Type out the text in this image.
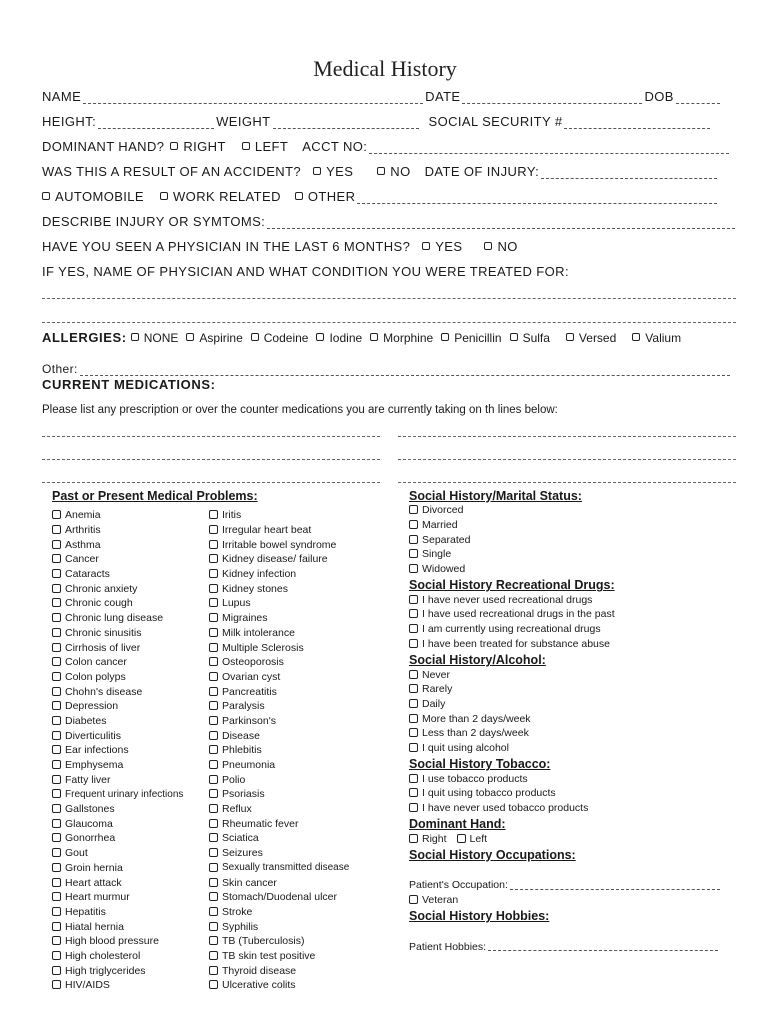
Medical History
NAME	DATE	DOB
HEIGHT:	WEIGHT	SOCIAL SECURITY #
DOMINANT HAND? RIGHT LEFT ACCT NO:
WAS THIS A RESULT OF AN ACCIDENT? YES	NO DATE OF INJURY:
AUTOMOBILE WORK RELATED OTHER
DESCRIBE INJURY OR SYMTOMS:
HAVE YOU SEEN A PHYSICIAN IN THE LAST 6 MONTHS? YES	NO
IF YES, NAME OF PHYSICIAN AND WHAT CONDITION YOU WERE TREATED FOR:
ALLERGIES: NONE Aspirine Codeine Iodine Morphine Penicillin Sulfa Versed Valium
Other:
CURRENT MEDICATIONS:
Please list any prescription or over the counter medications you are currently taking on th lines below:
Past or Present Medical Problems:
Anemia
Arthritis
Asthma
Cancer
Cataracts
Chronic anxiety
Chronic cough
Chronic lung disease
Chronic sinusitis
Cirrhosis of liver
Colon cancer
Colon polyps
Chohn's disease
Depression
Diabetes
Diverticulitis
Ear infections
Emphysema
Fatty liver
Frequent urinary infections
Gallstones
Glaucoma
Gonorrhea
Gout
Groin hernia
Heart attack
Heart murmur
Hepatitis
Hiatal hernia
High blood pressure
High cholesterol
High triglycerides
HIV/AIDS
Iritis
Irregular heart beat
Irritable bowel syndrome
Kidney disease/ failure
Kidney infection
Kidney stones
Lupus
Migraines
Milk intolerance
Multiple Sclerosis
Osteoporosis
Ovarian cyst
Pancreatitis
Paralysis
Parkinson's
Disease
Phlebitis
Pneumonia
Polio
Psoriasis
Reflux
Rheumatic fever
Sciatica
Seizures
Sexually transmitted disease
Skin cancer
Stomach/Duodenal ulcer
Stroke
Syphilis
TB (Tuberculosis)
TB skin test positive
Thyroid disease
Ulcerative colits
Social History/Marital Status:
Divorced
Married
Separated
Single
Widowed
Social History Recreational Drugs:
I have never used recreational drugs
I have used recreational drugs in the past
I am currently using recreational drugs
I have been treated for substance abuse
Social History/Alcohol:
Never
Rarely
Daily
More than 2 days/week
Less than 2 days/week
I quit using alcohol
Social History Tobacco:
I use tobacco products
I quit using tobacco products
I have never used tobacco products
Dominant Hand:
Right Left
Social History Occupations:
Patient's Occupation:
Veteran
Social History Hobbies:
Patient Hobbies:
